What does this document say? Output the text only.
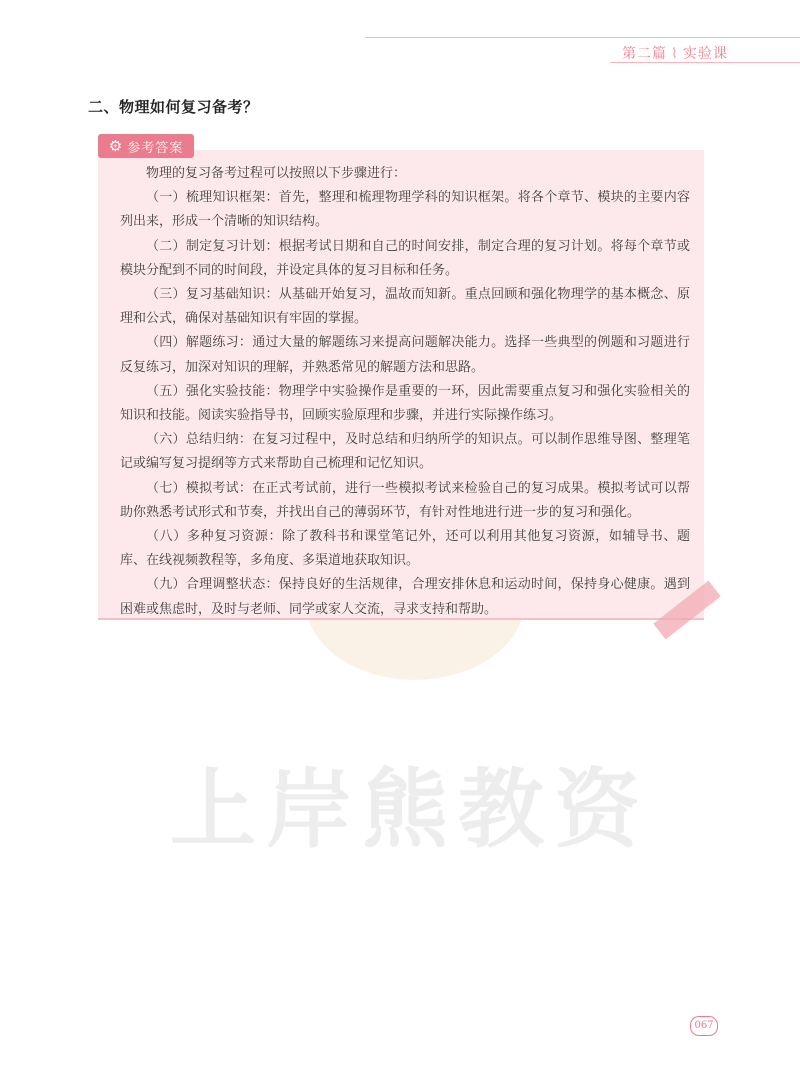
第二篇 ⌇ 实验课
二、物理如何复习备考？
⚙ 参考答案

物理的复习备考过程可以按照以下步骤进行：

（一）梳理知识框架：首先，整理和梳理物理学科的知识框架。将各个章节、模块的主要内容列出来，形成一个清晰的知识结构。

（二）制定复习计划：根据考试日期和自己的时间安排，制定合理的复习计划。将每个章节或模块分配到不同的时间段，并设定具体的复习目标和任务。

（三）复习基础知识：从基础开始复习，温故而知新。重点回顾和强化物理学的基本概念、原理和公式，确保对基础知识有牢固的掌握。

（四）解题练习：通过大量的解题练习来提高问题解决能力。选择一些典型的例题和习题进行反复练习，加深对知识的理解，并熟悉常见的解题方法和思路。

（五）强化实验技能：物理学中实验操作是重要的一环，因此需要重点复习和强化实验相关的知识和技能。阅读实验指导书，回顾实验原理和步骤，并进行实际操作练习。

（六）总结归纳：在复习过程中，及时总结和归纳所学的知识点。可以制作思维导图、整理笔记或编写复习提纲等方式来帮助自己梳理和记忆知识。

（七）模拟考试：在正式考试前，进行一些模拟考试来检验自己的复习成果。模拟考试可以帮助你熟悉考试形式和节奏，并找出自己的薄弱环节，有针对性地进行进一步的复习和强化。

（八）多种复习资源：除了教科书和课堂笔记外，还可以利用其他复习资源，如辅导书、题库、在线视频教程等，多角度、多渠道地获取知识。

（九）合理调整状态：保持良好的生活规律，合理安排休息和运动时间，保持身心健康。遇到困难或焦虑时，及时与老师、同学或家人交流，寻求支持和帮助。

上岸熊教资
067
